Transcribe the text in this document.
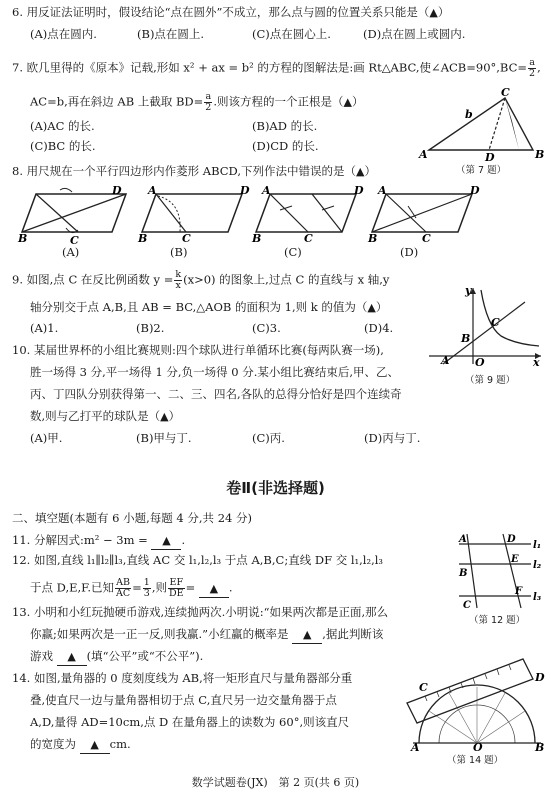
6. 用反证法证明时，假设结论“点在圆外”不成立，那么点与圆的位置关系只能是（▲）
(A)点在圆内.	(B)点在圆上.	(C)点在圆心上.	(D)点在圆上或圆内.
7. 欧几里得的《原本》记载,形如 x² + ax = b² 的方程的图解法是:画 Rt△ABC,使∠ACB=90°,BC= $\frac{a}{2}$ ,
AC=b,再在斜边 AB 上截取 $BD= \frac{a}{2}$ .则该方程的一个正根是（▲）
(A)AC 的长.	(B)AD 的长.
(C)BC 的长.	(D)CD 的长.
A
C
B
D
b
（第 7 题）
8. 用尺规在一个平行四边形内作菱形 ABCD,下列作法中错误的是（▲）
D
B	C
A	D
B	C
A	D
B	C
A	D
B	C
(A)	(B)	(C)	(D)
9. 如图,点 C 在反比例函数 $y = \frac{k}{x} (x>0)$ 的图象上,过点 C 的直线与 x 轴,y
轴分别交于点 A,B,且 AB = BC,△AOB 的面积为 1,则 k 的值为（▲）
(A)1.	(B)2.	(C)3.	(D)4.
y
x
C
B
A O
（第 9 题）
10. 某届世界杯的小组比赛规则:四个球队进行单循环比赛(每两队赛一场),
胜一场得 3 分,平一场得 1 分,负一场得 0 分.某小组比赛结束后,甲、乙、
丙、丁四队分别获得第一、二、三、四名,各队的总得分恰好是四个连续奇
数,则与乙打平的球队是（▲）
(A)甲.	(B)甲与丁.	(C)丙.	(D)丙与丁.
卷Ⅱ(非选择题)
二、填空题(本题有 6 小题,每题 4 分,共 24 分)
11. 分解因式:m² − 3m = ▲ .
12. 如图,直线 l₁∥l₂∥l₃,直线 AC 交 l₁,l₂,l₃ 于点 A,B,C;直线 DF 交 l₁,l₂,l₃
于点 D,E,F.已知 $\frac{AB}{AC} = \frac{1}{3}$ ,则 $\frac{EF}{DE}$ = ▲ .
A
B
C
D
E
F
l₁
l₂
l₃
（第 12 题）
13. 小明和小红玩抛硬币游戏,连续抛两次.小明说:“如果两次都是正面,那么
你赢;如果两次是一正一反,则我赢.”小红赢的概率是 ▲ ,据此判断该
游戏 ▲ (填“公平”或“不公平”).
14. 如图,量角器的 0 度刻度线为 AB,将一矩形直尺与量角器部分重
叠,使直尺一边与量角器相切于点 C,直尺另一边交量角器于点
A,D,量得 AD=10cm,点 D 在量角器上的读数为 60°,则该直尺
的宽度为 ▲ cm.
C
D
A	O	B
（第 14 题）
数学试题卷(JX)　第 2 页(共 6 页)
